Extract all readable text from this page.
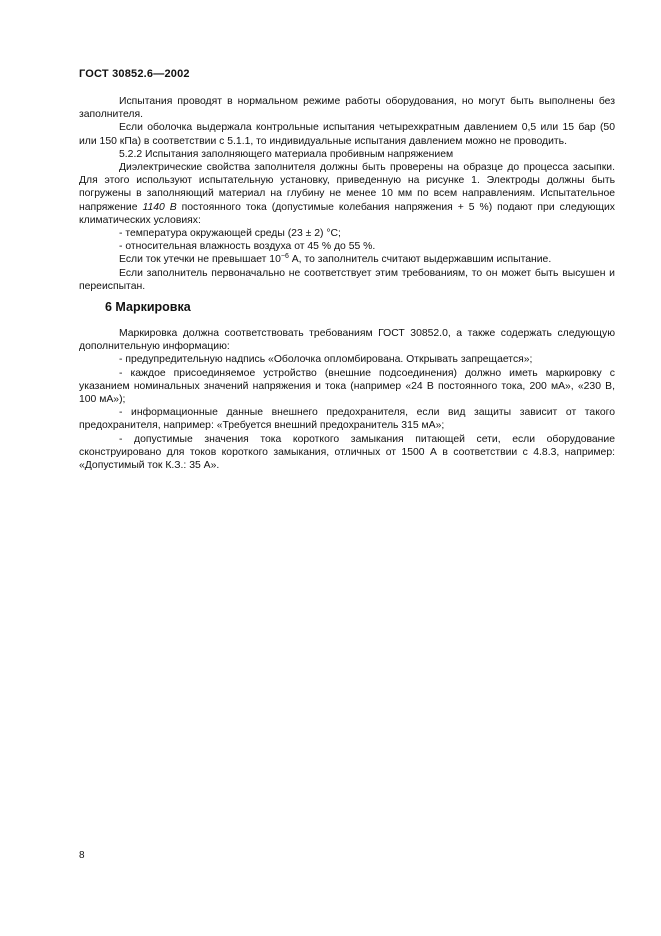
ГОСТ 30852.6—2002

Испытания проводят в нормальном режиме работы оборудования, но могут быть выполнены без заполнителя.

Если оболочка выдержала контрольные испытания четырехкратным давлением 0,5 или 15 бар (50 или 150 кПа) в соответствии с 5.1.1, то индивидуальные испытания давлением можно не проводить.

5.2.2 Испытания заполняющего материала пробивным напряжением

Диэлектрические свойства заполнителя должны быть проверены на образце до процесса засыпки. Для этого используют испытательную установку, приведенную на рисунке 1. Электроды должны быть погружены в заполняющий материал на глубину не менее 10 мм по всем направлениям. Испытательное напряжение 1140 В постоянного тока (допустимые колебания напряжения + 5 %) подают при следующих климатических условиях:

- температура окружающей среды (23 ± 2) °С;

- относительная влажность воздуха от 45 % до 55 %.

Если ток утечки не превышает $10^{-6}$ А, то заполнитель считают выдержавшим испытание.

Если заполнитель первоначально не соответствует этим требованиям, то он может быть высушен и переиспытан.

6 Маркировка

Маркировка должна соответствовать требованиям ГОСТ 30852.0, а также содержать следующую дополнительную информацию:

- предупредительную надпись «Оболочка опломбирована. Открывать запрещается»;

- каждое присоединяемое устройство (внешние подсоединения) должно иметь маркировку с указанием номинальных значений напряжения и тока (например «24 В постоянного тока, 200 мА», «230 В, 100 мА»);

- информационные данные внешнего предохранителя, если вид защиты зависит от такого предохранителя, например: «Требуется внешний предохранитель 315 мА»;

- допустимые значения тока короткого замыкания питающей сети, если оборудование сконструировано для токов короткого замыкания, отличных от 1500 А в соответствии с 4.8.3, например: «Допустимый ток К.З.: 35 А».

8
